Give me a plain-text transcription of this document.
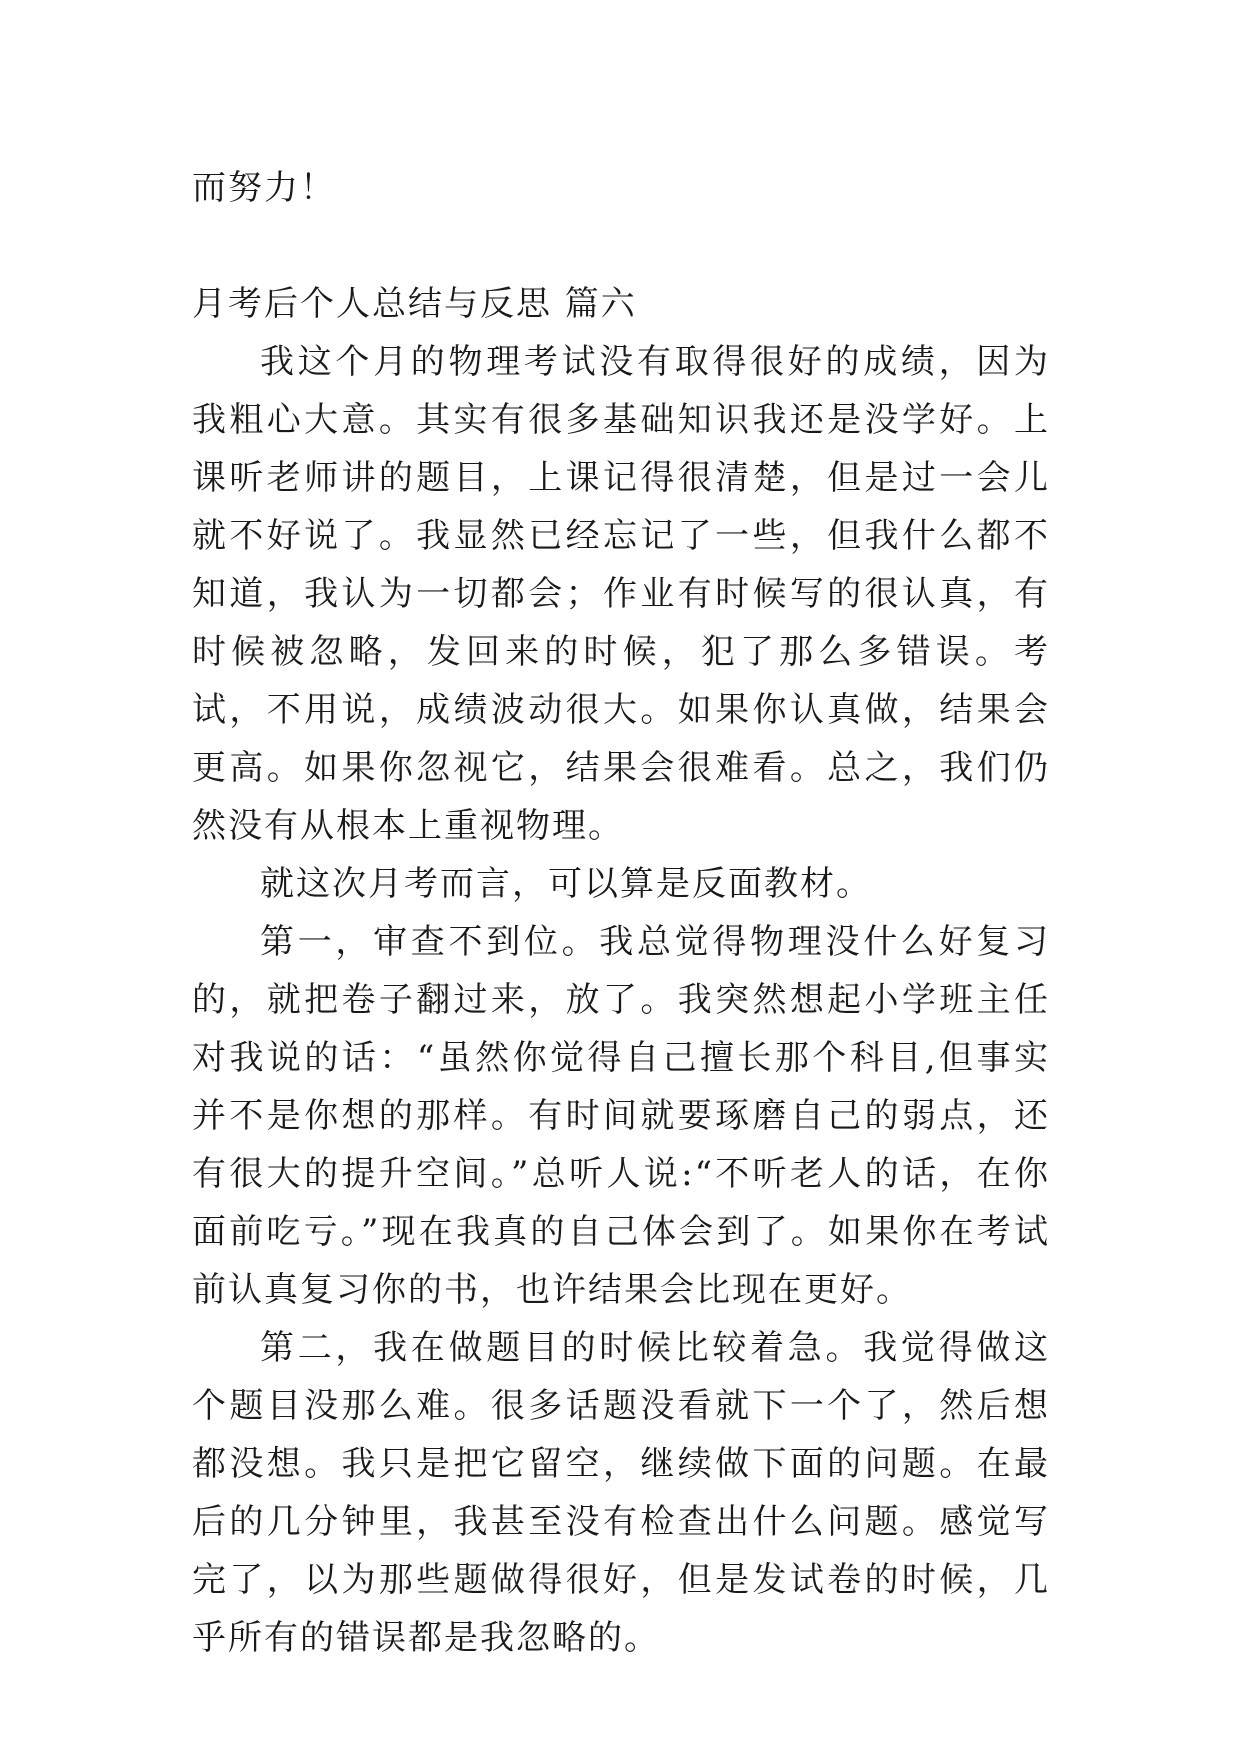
而努力！

月考后个人总结与反思 篇六

我这个月的物理考试没有取得很好的成绩，因为我粗心大意。其实有很多基础知识我还是没学好。上课听老师讲的题目，上课记得很清楚，但是过一会儿就不好说了。我显然已经忘记了一些，但我什么都不知道，我认为一切都会；作业有时候写的很认真，有时候被忽略，发回来的时候，犯了那么多错误。考试，不用说，成绩波动很大。如果你认真做，结果会更高。如果你忽视它，结果会很难看。总之，我们仍然没有从根本上重视物理。

就这次月考而言，可以算是反面教材。

第一，审查不到位。我总觉得物理没什么好复习的，就把卷子翻过来，放了。我突然想起小学班主任对我说的话：“虽然你觉得自己擅长那个科目,但事实并不是你想的那样。有时间就要琢磨自己的弱点，还有很大的提升空间。”总听人说:“不听老人的话，在你面前吃亏。”现在我真的自己体会到了。如果你在考试前认真复习你的书，也许结果会比现在更好。

第二，我在做题目的时候比较着急。我觉得做这个题目没那么难。很多话题没看就下一个了，然后想都没想。我只是把它留空，继续做下面的问题。在最后的几分钟里，我甚至没有检查出什么问题。感觉写完了，以为那些题做得很好，但是发试卷的时候，几乎所有的错误都是我忽略的。
